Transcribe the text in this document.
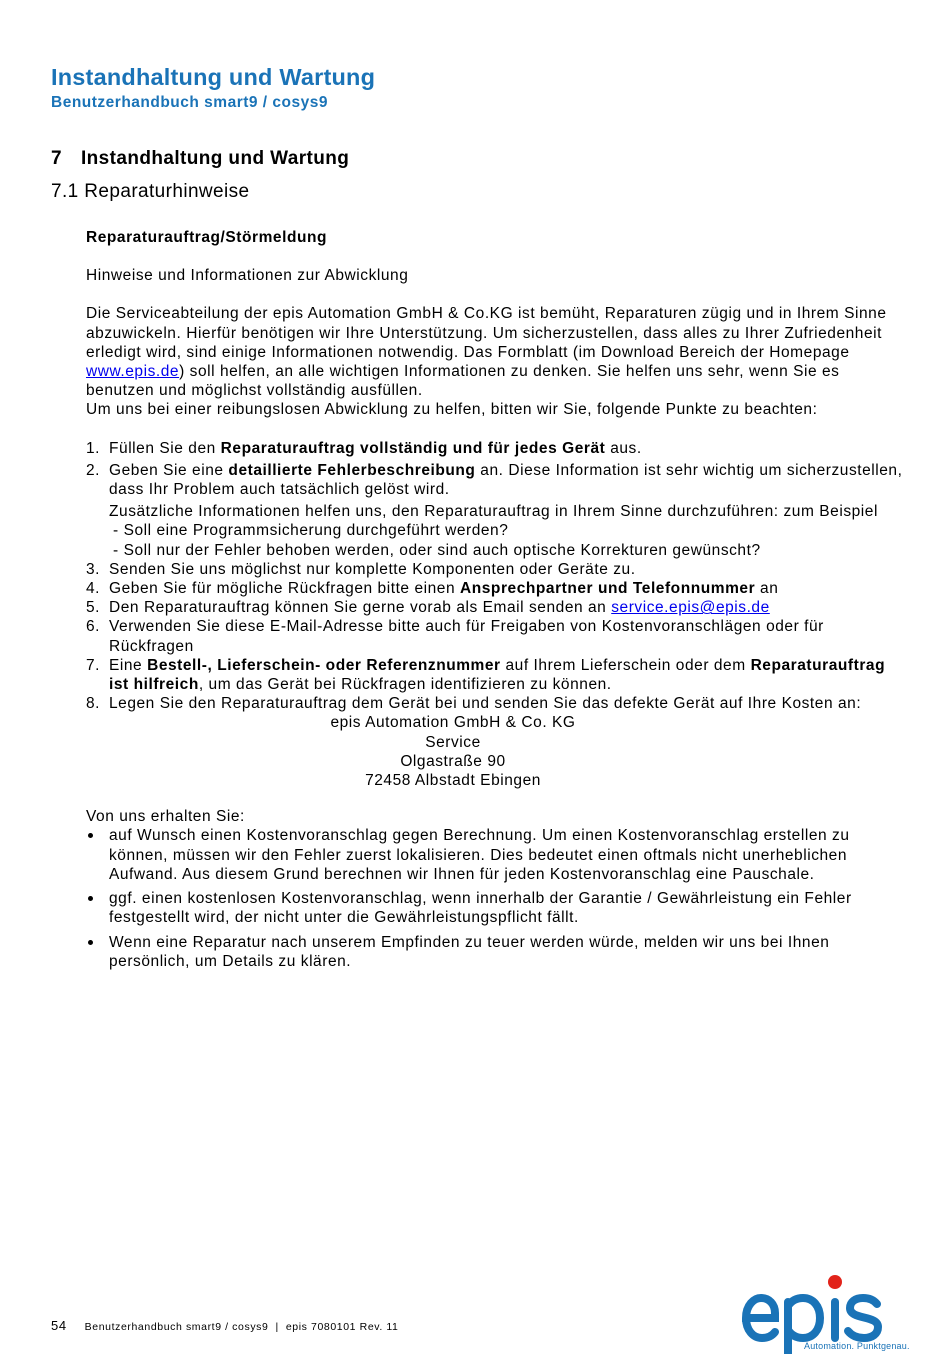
Instandhaltung und Wartung
Benutzerhandbuch smart9 / cosys9
7 Instandhaltung und Wartung
7.1 Reparaturhinweise

Reparaturauftrag/Störmeldung

Hinweise und Informationen zur Abwicklung

Die Serviceabteilung der epis Automation GmbH & Co.KG ist bemüht, Reparaturen zügig und in Ihrem Sinne abzuwickeln. Hierfür benötigen wir Ihre Unterstützung. Um sicherzustellen, dass alles zu Ihrer Zufriedenheit erledigt wird, sind einige Informationen notwendig. Das Formblatt (im Download Bereich der Homepage www.epis.de) soll helfen, an alle wichtigen Informationen zu denken. Sie helfen uns sehr, wenn Sie es benutzen und möglichst vollständig ausfüllen.

Um uns bei einer reibungslosen Abwicklung zu helfen, bitten wir Sie, folgende Punkte zu beachten:

1. Füllen Sie den Reparaturauftrag vollständig und für jedes Gerät aus.
2. Geben Sie eine detaillierte Fehlerbeschreibung an. Diese Information ist sehr wichtig um sicherzustellen, dass Ihr Problem auch tatsächlich gelöst wird.
Zusätzliche Informationen helfen uns, den Reparaturauftrag in Ihrem Sinne durchzuführen: zum Beispiel
- Soll eine Programmsicherung durchgeführt werden?
- Soll nur der Fehler behoben werden, oder sind auch optische Korrekturen gewünscht?
3. Senden Sie uns möglichst nur komplette Komponenten oder Geräte zu.
4. Geben Sie für mögliche Rückfragen bitte einen Ansprechpartner und Telefonnummer an
5. Den Reparaturauftrag können Sie gerne vorab als Email senden an service.epis@epis.de
6. Verwenden Sie diese E-Mail-Adresse bitte auch für Freigaben von Kostenvoranschlägen oder für Rückfragen
7. Eine Bestell-, Lieferschein- oder Referenznummer auf Ihrem Lieferschein oder dem Reparaturauftrag ist hilfreich, um das Gerät bei Rückfragen identifizieren zu können.
8. Legen Sie den Reparaturauftrag dem Gerät bei und senden Sie das defekte Gerät auf Ihre Kosten an:
epis Automation GmbH & Co. KG
Service
Olgastraße 90
72458 Albstadt Ebingen

Von uns erhalten Sie:

auf Wunsch einen Kostenvoranschlag gegen Berechnung. Um einen Kostenvoranschlag erstellen zu können, müssen wir den Fehler zuerst lokalisieren. Dies bedeutet einen oftmals nicht unerheblichen Aufwand. Aus diesem Grund berechnen wir Ihnen für jeden Kostenvoranschlag eine Pauschale.
ggf. einen kostenlosen Kostenvoranschlag, wenn innerhalb der Garantie / Gewährleistung ein Fehler festgestellt wird, der nicht unter die Gewährleistungspflicht fällt.
Wenn eine Reparatur nach unserem Empfinden zu teuer werden würde, melden wir uns bei Ihnen persönlich, um Details zu klären.
54 Benutzerhandbuch smart9 / cosys9  |  epis 7080101 Rev. 11
Automation. Punktgenau.
